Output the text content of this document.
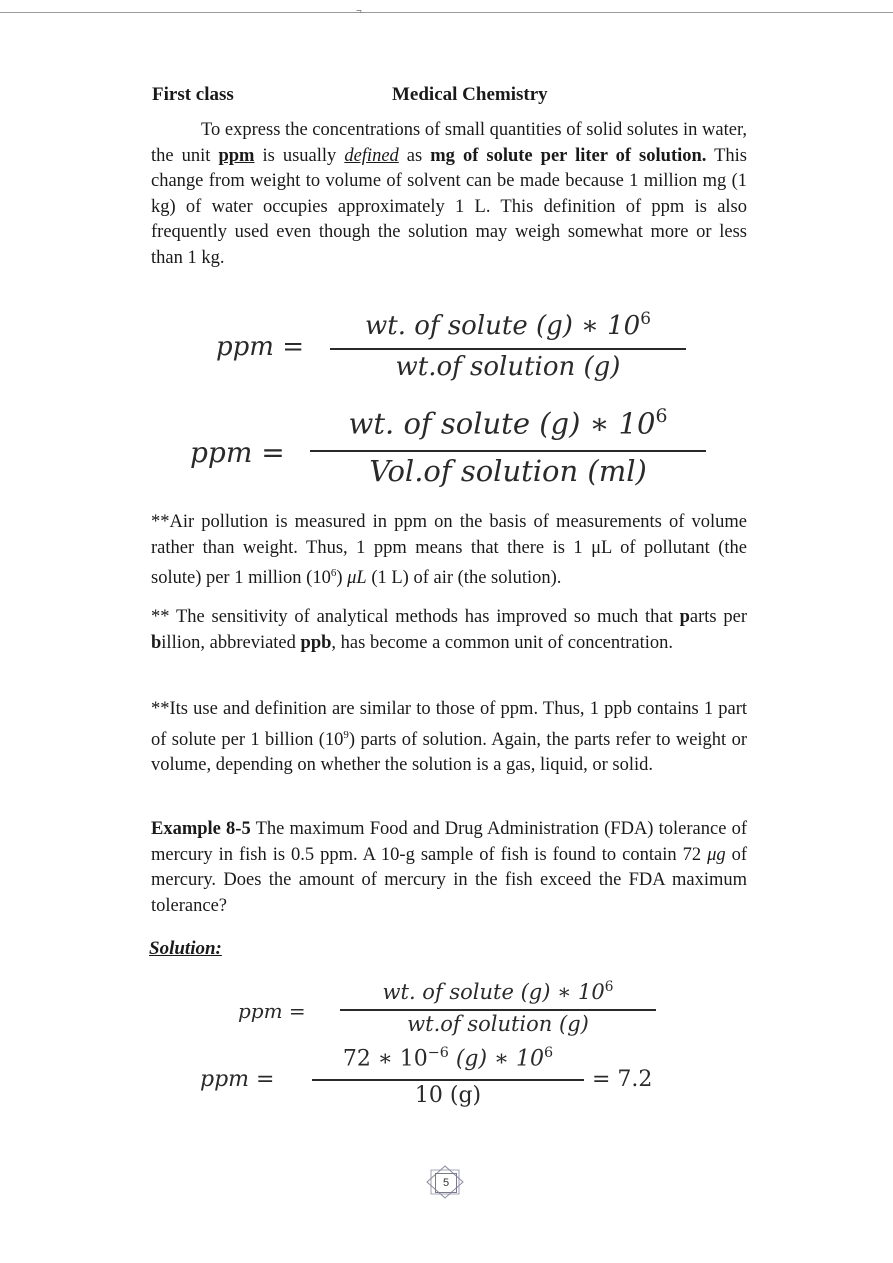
¬
First class	Medical Chemistry

To express the concentrations of small quantities of solid solutes in water, the unit ppm is usually defined as mg of solute per liter of solution. This change from weight to volume of solvent can be made because 1 million mg (1 kg) of water occupies approximately 1 L. This definition of ppm is also frequently used even though the solution may weigh somewhat more or less than 1 kg.

ppm =
wt. of solute (g) ∗ $10^6$
wt.of solution (g)
ppm =
wt. of solute (g) ∗ $10^6$
Vol.of solution (ml)

**Air pollution is measured in ppm on the basis of measurements of volume rather than weight. Thus, 1 ppm means that there is 1 μL of pollutant (the solute) per 1 million $(10^6)$ μL (1 L) of air (the solution).

** The sensitivity of analytical methods has improved so much that parts per billion, abbreviated ppb, has become a common unit of concentration.

**Its use and definition are similar to those of ppm. Thus, 1 ppb contains 1 part of solute per 1 billion $(10^9)$ parts of solution. Again, the parts refer to weight or volume, depending on whether the solution is a gas, liquid, or solid.

Example 8-5 The maximum Food and Drug Administration (FDA) tolerance of mercury in fish is 0.5 ppm. A 10-g sample of fish is found to contain 72 μg of mercury. Does the amount of mercury in the fish exceed the FDA maximum tolerance?

Solution:
ppm =
wt. of solute (g) ∗ $10^6$
wt.of solution (g)
ppm =
72 ∗ $10^{-6}$ (g) ∗ $10^6$
10 (g)
= 7.2
5
